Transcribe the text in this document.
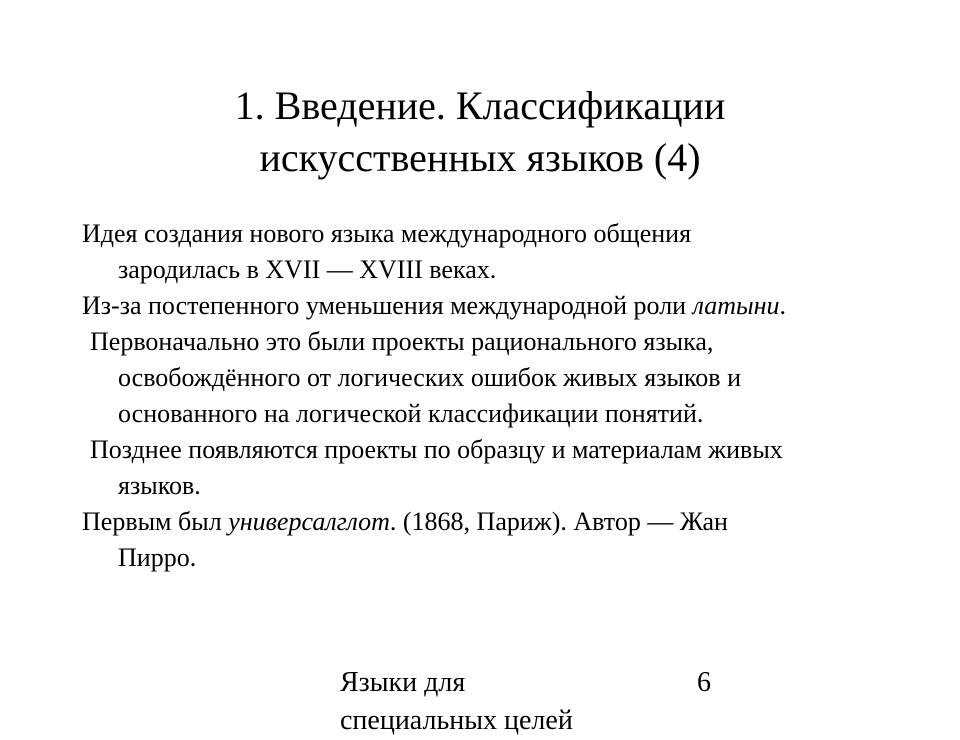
1. Введение. Классификации
искусственных языков (4)
Идея создания нового языка международного общения
зародилась в XVII — XVIII веках.
Из-за постепенного уменьшения международной роли латыни.
Первоначально это были проекты рационального языка,
освобождённого от логических ошибок живых языков и
основанного на логической классификации понятий.
Позднее появляются проекты по образцу и материалам живых
языков.
Первым был универсалглот. (1868, Париж). Автор — Жан
Пирро.
Языки для
специальных целей
6
